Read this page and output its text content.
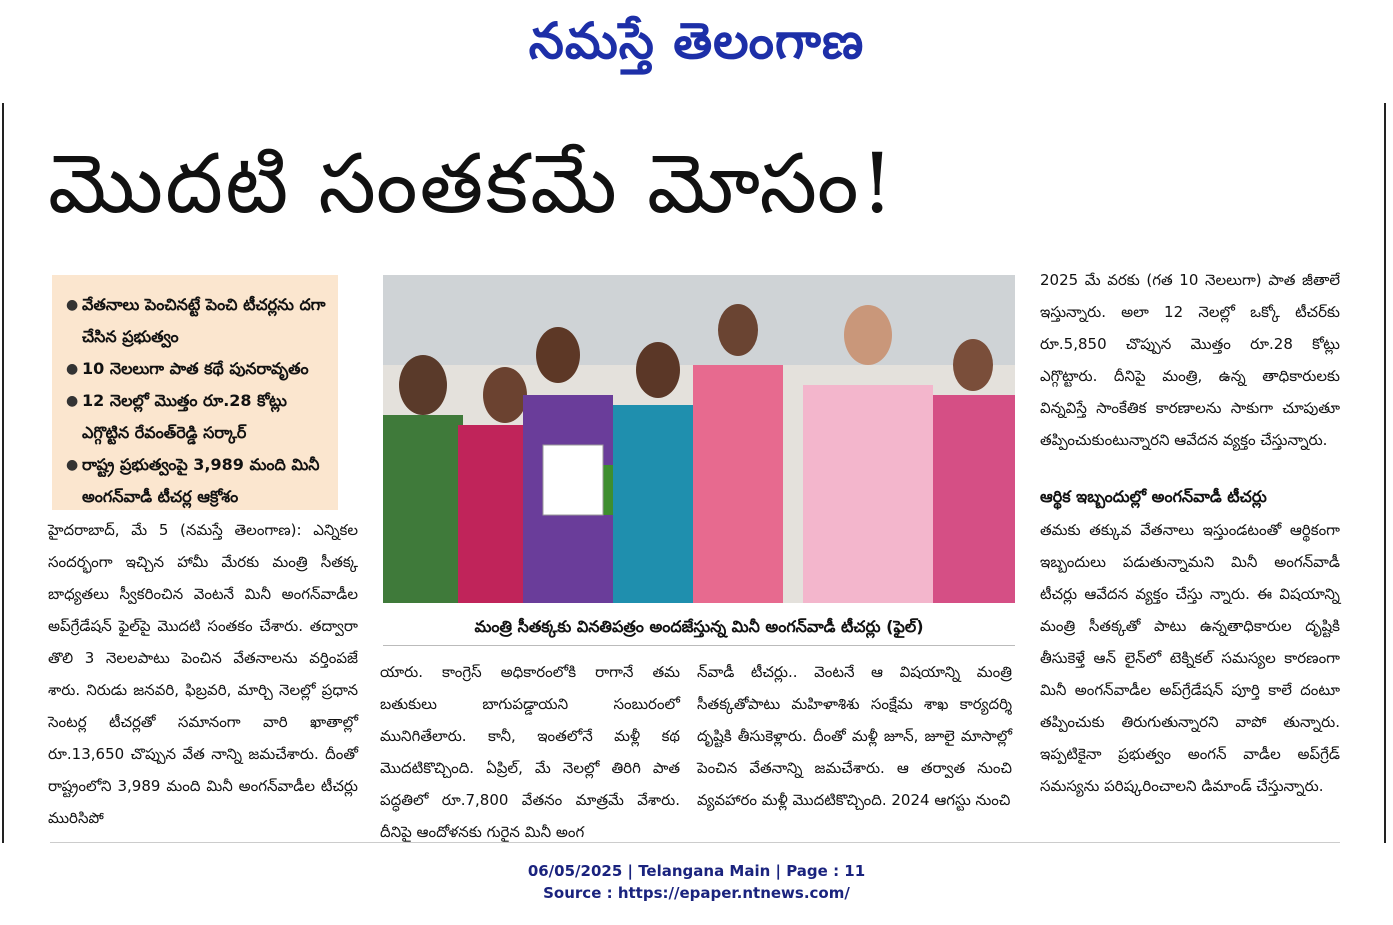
నమస్తే తెలంగాణ
మొదటి సంతకమే మోసం!
● వేతనాలు పెంచినట్టే పెంచి టీచర్లను దగా చేసిన ప్రభుత్వం
● 10 నెలలుగా పాత కథే పునరావృతం
● 12 నెలల్లో మొత్తం రూ.28 కోట్లు ఎగ్గొట్టిన రేవంత్‌రెడ్డి సర్కార్
● రాష్ట్ర ప్రభుత్వంపై 3,989 మంది మినీ అంగన్‌వాడీ టీచర్ల ఆక్రోశం
మంత్రి సీతక్కకు వినతిపత్రం అందజేస్తున్న మినీ అంగన్‌వాడీ టీచర్లు (ఫైల్)

హైదరాబాద్, మే 5 (నమస్తే తెలంగాణ): ఎన్నికల సందర్భంగా ఇచ్చిన హామీ మేరకు మంత్రి సీతక్క బాధ్యతలు స్వీకరించిన వెంటనే మినీ అంగన్‌వాడీల అప్‌గ్రేడేషన్ ఫైల్‌పై మొదటి సంతకం చేశారు. తద్వారా తొలి 3 నెలలపాటు పెంచిన వేతనాలను వర్తింపజే శారు. నిరుడు జనవరి, ఫిబ్రవరి, మార్చి నెలల్లో ప్రధాన సెంటర్ల టీచర్లతో సమానంగా వారి ఖాతాల్లో రూ.13,650 చొప్పున వేత నాన్ని జమచేశారు. దీంతో రాష్ట్రంలోని 3,989 మంది మినీ అంగన్‌వాడీల టీచర్లు మురిసిపో

యారు. కాంగ్రెస్ అధికారంలోకి రాగానే తమ బతుకులు బాగుపడ్డాయని సంబురంలో మునిగితేలారు. కానీ, ఇంతలోనే మళ్లీ కథ మొదటికొచ్చింది. ఏప్రిల్, మే నెలల్లో తిరిగి పాత పద్ధతిలో రూ.7,800 వేతనం మాత్రమే వేశారు. దీనిపై ఆందోళనకు గురైన మినీ అంగ

న్‌వాడీ టీచర్లు.. వెంటనే ఆ విషయాన్ని మంత్రి సీతక్కతోపాటు మహిళాశిశు సంక్షేమ శాఖ కార్యదర్శి దృష్టికి తీసుకెళ్లారు. దీంతో మళ్లీ జూన్, జూలై మాసాల్లో పెంచిన వేతనాన్ని జమచేశారు. ఆ తర్వాత నుంచి వ్యవహారం మళ్లీ మొదటికొచ్చింది. 2024 ఆగస్టు నుంచి

2025 మే వరకు (గత 10 నెలలుగా) పాత జీతాలే ఇస్తున్నారు. అలా 12 నెలల్లో ఒక్కో టీచర్‌కు రూ.5,850 చొప్పున మొత్తం రూ.28 కోట్లు ఎగ్గొట్టారు. దీనిపై మంత్రి, ఉన్న తాధికారులకు విన్నవిస్తే సాంకేతిక కారణాలను సాకుగా చూపుతూ తప్పించుకుంటున్నారని ఆవేదన వ్యక్తం చేస్తున్నారు.

ఆర్థిక ఇబ్బందుల్లో అంగన్‌వాడీ టీచర్లు

తమకు తక్కువ వేతనాలు ఇస్తుండటంతో ఆర్థికంగా ఇబ్బందులు పడుతున్నామని మినీ అంగన్‌వాడీ టీచర్లు ఆవేదన వ్యక్తం చేస్తు న్నారు. ఈ విషయాన్ని మంత్రి సీతక్కతో పాటు ఉన్నతాధికారుల దృష్టికి తీసుకెళ్తే ఆన్ లైన్‌లో టెక్నికల్ సమస్యల కారణంగా మినీ అంగన్‌వాడీల అప్‌గ్రేడేషన్ పూర్తి కాలే దంటూ తప్పించుకు తిరుగుతున్నారని వాపో తున్నారు. ఇప్పటికైనా ప్రభుత్వం అంగన్ వాడీల అప్‌గ్రేడ్ సమస్యను పరిష్కరించాలని డిమాండ్ చేస్తున్నారు.

06/05/2025 | Telangana Main | Page : 11
Source : https://epaper.ntnews.com/
